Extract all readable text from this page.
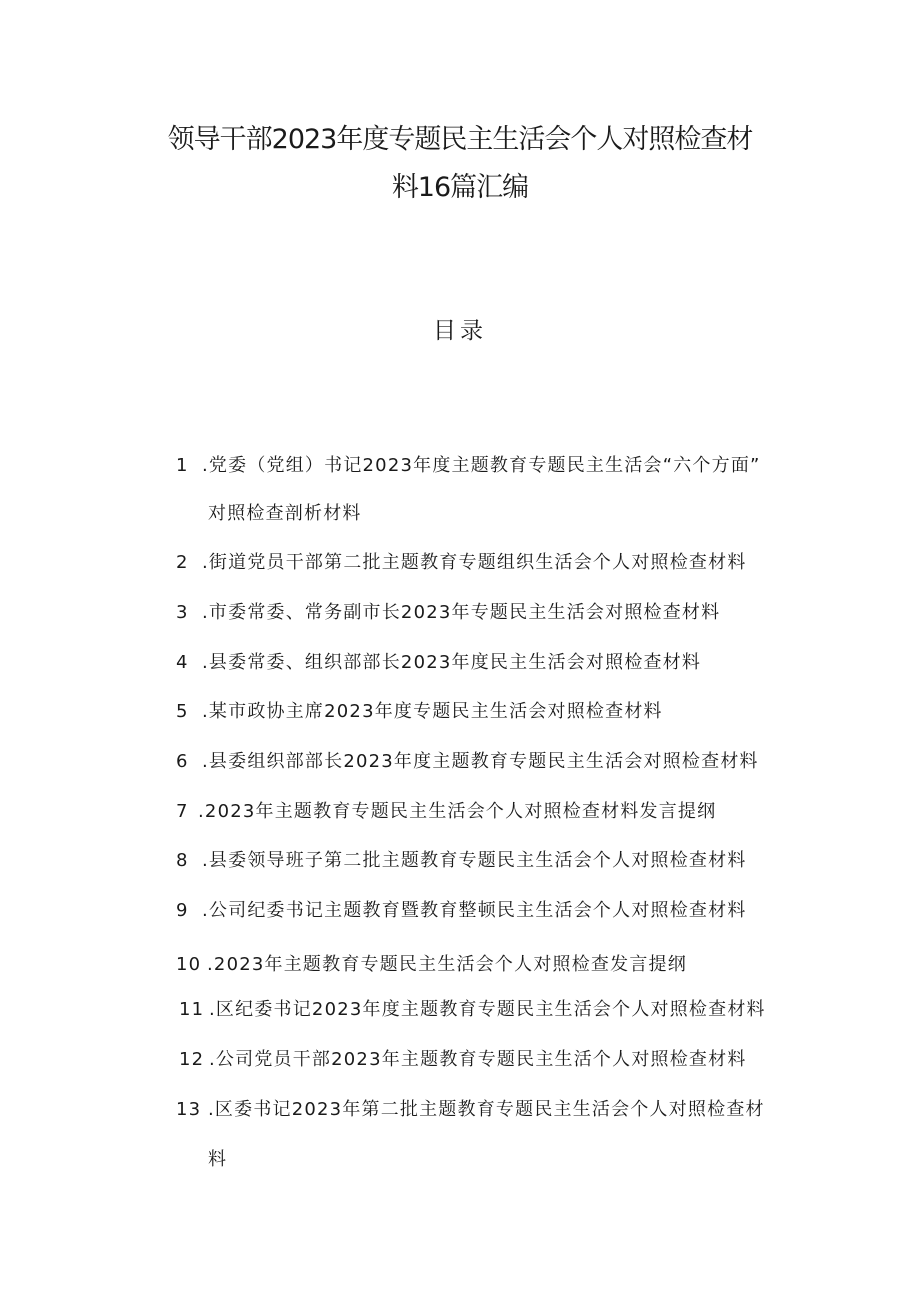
领导干部2023年度专题民主生活会个人对照检查材
料16篇汇编
目录

1 .党委（党组）书记2023年度主题教育专题民主生活会“六个方面”

对照检查剖析材料

2 .街道党员干部第二批主题教育专题组织生活会个人对照检查材料

3 .市委常委、常务副市长2023年专题民主生活会对照检查材料

4 .县委常委、组织部部长2023年度民主生活会对照检查材料

5 .某市政协主席2023年度专题民主生活会对照检查材料

6 .县委组织部部长2023年度主题教育专题民主生活会对照检查材料

7 .2023年主题教育专题民主生活会个人对照检查材料发言提纲

8 .县委领导班子第二批主题教育专题民主生活会个人对照检查材料

9 .公司纪委书记主题教育暨教育整顿民主生活会个人对照检查材料

10 .2023年主题教育专题民主生活会个人对照检查发言提纲

11 .区纪委书记2023年度主题教育专题民主生活会个人对照检查材料

12 .公司党员干部2023年主题教育专题民主生活个人对照检查材料

13 .区委书记2023年第二批主题教育专题民主生活会个人对照检查材

料
